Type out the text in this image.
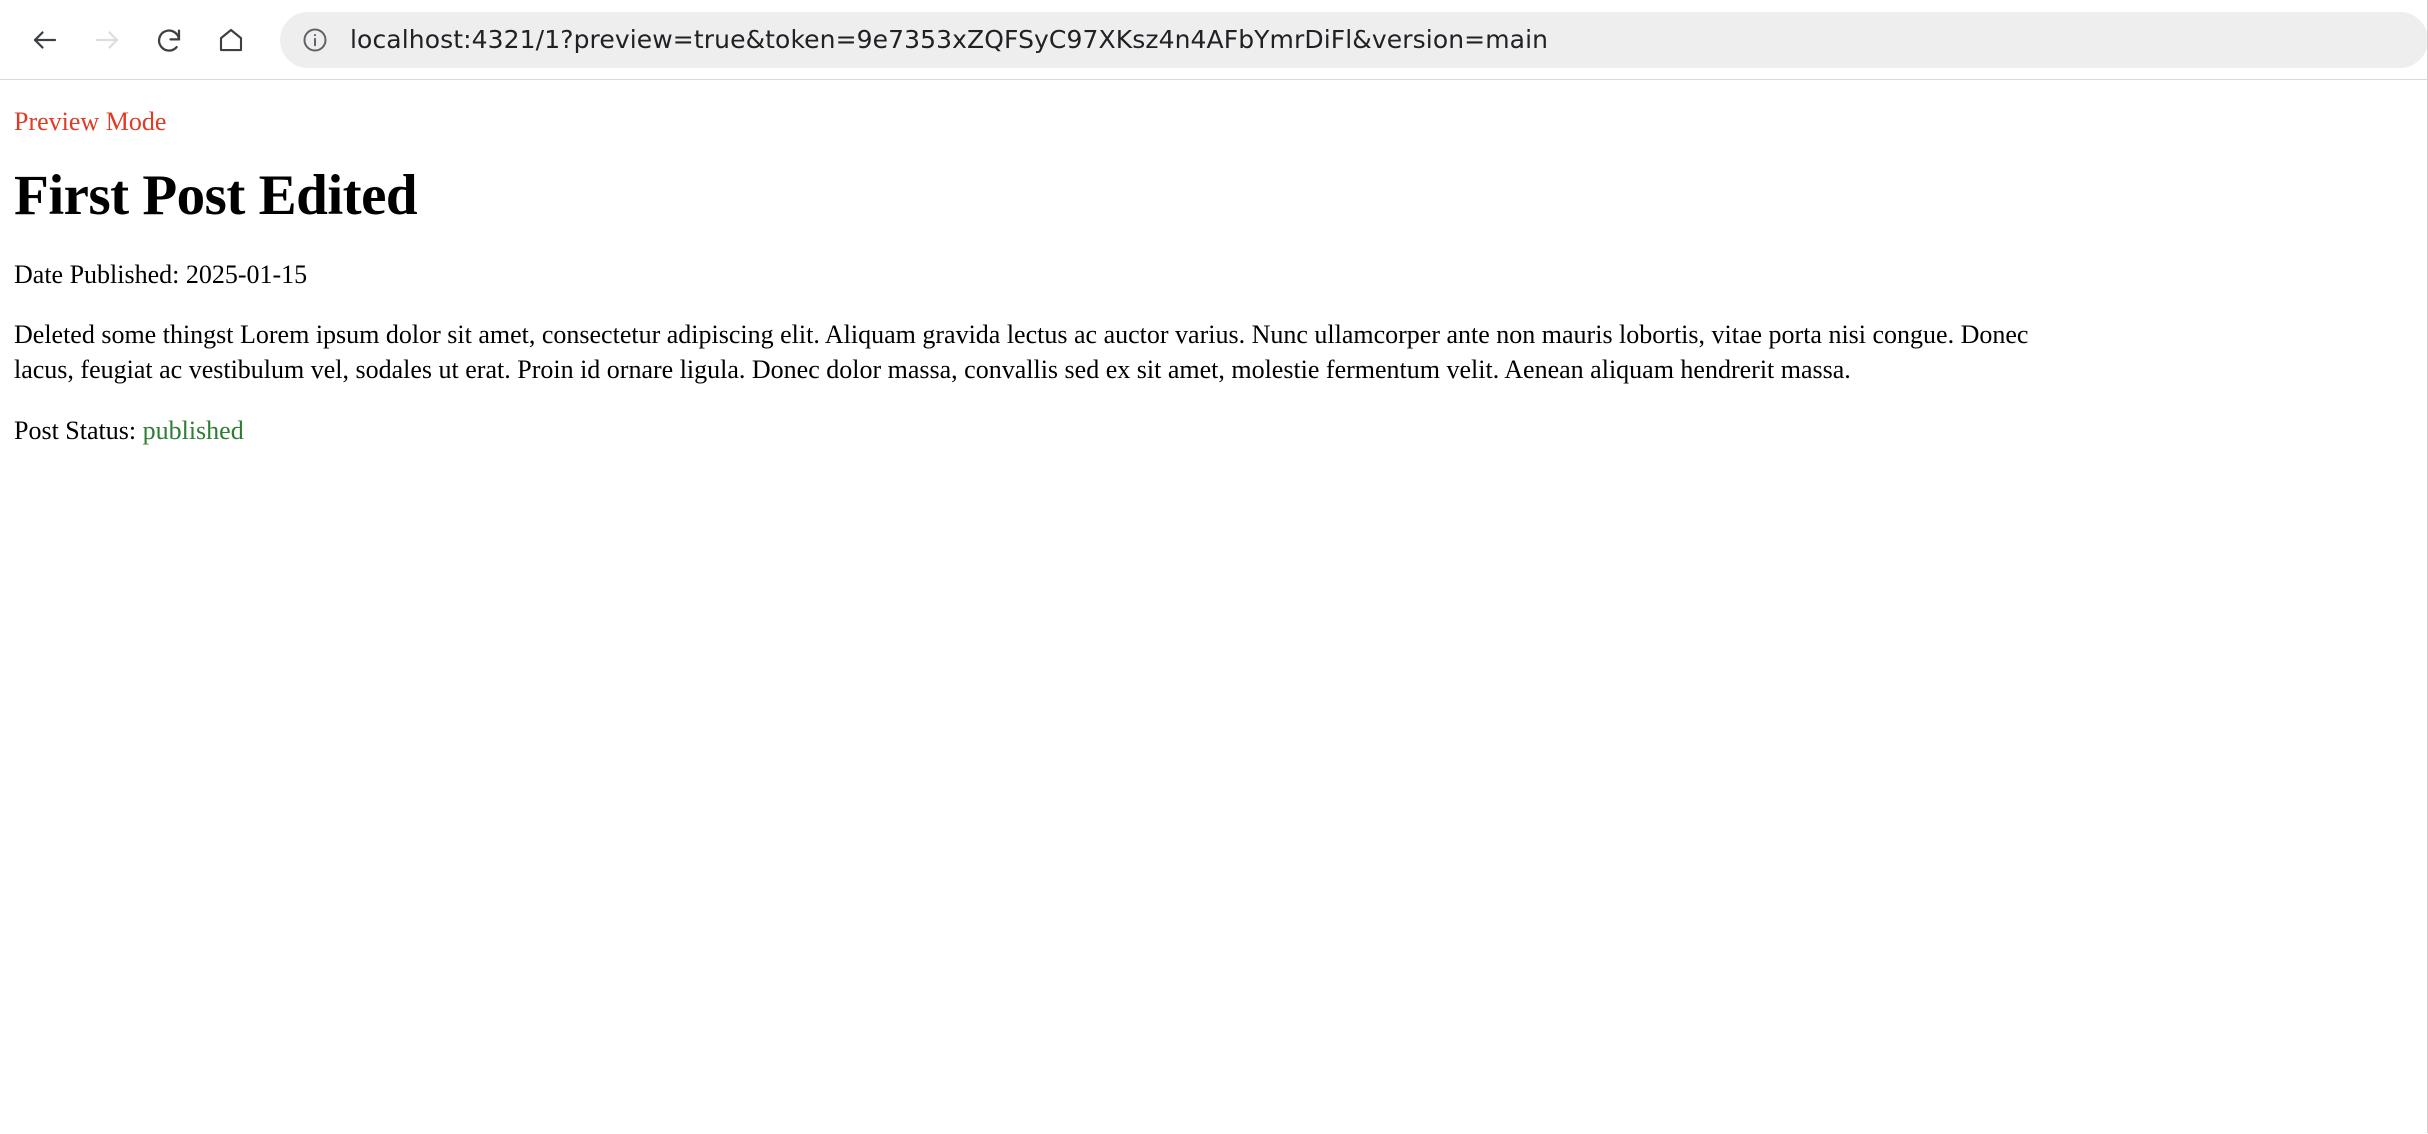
localhost:4321/1?preview=true&token=9e7353xZQFSyC97XKsz4n4AFbYmrDiFl&version=main

Preview Mode

First Post Edited

Date Published: 2025-01-15

Deleted some thingst Lorem ipsum dolor sit amet, consectetur adipiscing elit. Aliquam gravida lectus ac auctor varius. Nunc ullamcorper ante non mauris lobortis, vitae porta nisi congue. Donec
lacus, feugiat ac vestibulum vel, sodales ut erat. Proin id ornare ligula. Donec dolor massa, convallis sed ex sit amet, molestie fermentum velit. Aenean aliquam hendrerit massa.

Post Status: published
